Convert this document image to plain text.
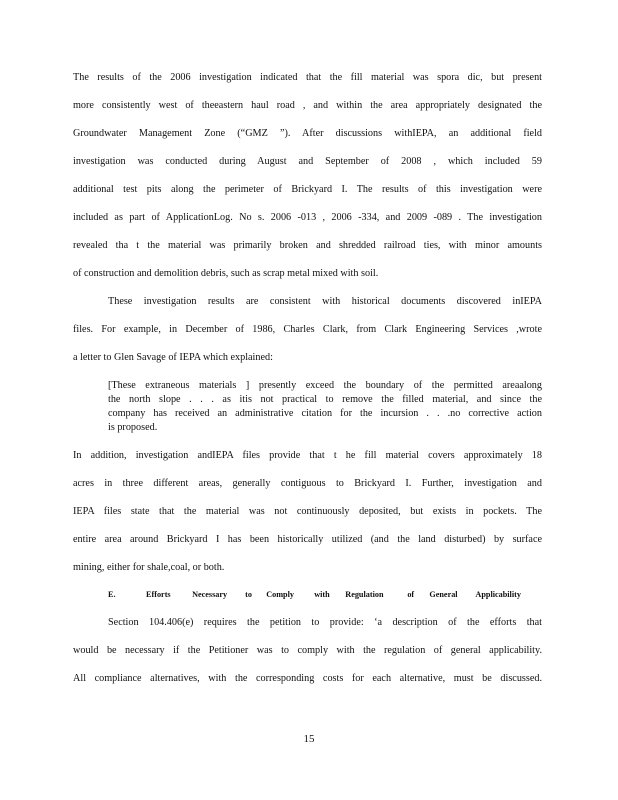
The results of the 2006 investigation indicated that the fill material was spora dic, but present
more consistently west of theeastern haul road , and within the area appropriately designated the
Groundwater Management Zone (“GMZ ”). After discussions withIEPA, an additional field
investigation was conducted during August and September of 2008 , which included 59
additional test pits along the perimeter of Brickyard I. The results of this investigation were
included as part of ApplicationLog. No s. 2006 -013 , 2006 -334, and 2009 -089 . The investigation
revealed tha t the material was primarily broken and shredded railroad ties, with minor amounts
of construction and demolition debris, such as scrap metal mixed with soil.
These investigation results are consistent with historical documents discovered inIEPA
files. For example, in December of 1986, Charles Clark, from Clark Engineering Services ,wrote
a letter to Glen Savage of IEPA which explained:
[These extraneous materials ] presently exceed the boundary of the permitted areaalong
the north slope . . . as itis not practical to remove the filled material, and since the
company has received an administrative citation for the incursion . . .no corrective action
is proposed.
In addition, investigation andIEPA files provide that t he fill material covers approximately 18
acres in three different areas, generally contiguous to Brickyard I. Further, investigation and
IEPA files state that the material was not continuously deposited, but exists in pockets. The
entire area around Brickyard I has been historically utilized (and the land disturbed) by surface
mining, either for shale,coal, or both.
E.	Efforts	Necessary to Comply with Regulation	of General Applicability
Section 104.406(e) requires the petition to provide: ‘a description of the efforts that
would be necessary if the Petitioner was to comply with the regulation of general applicability.
All compliance alternatives, with the corresponding costs for each alternative, must be discussed.
15
